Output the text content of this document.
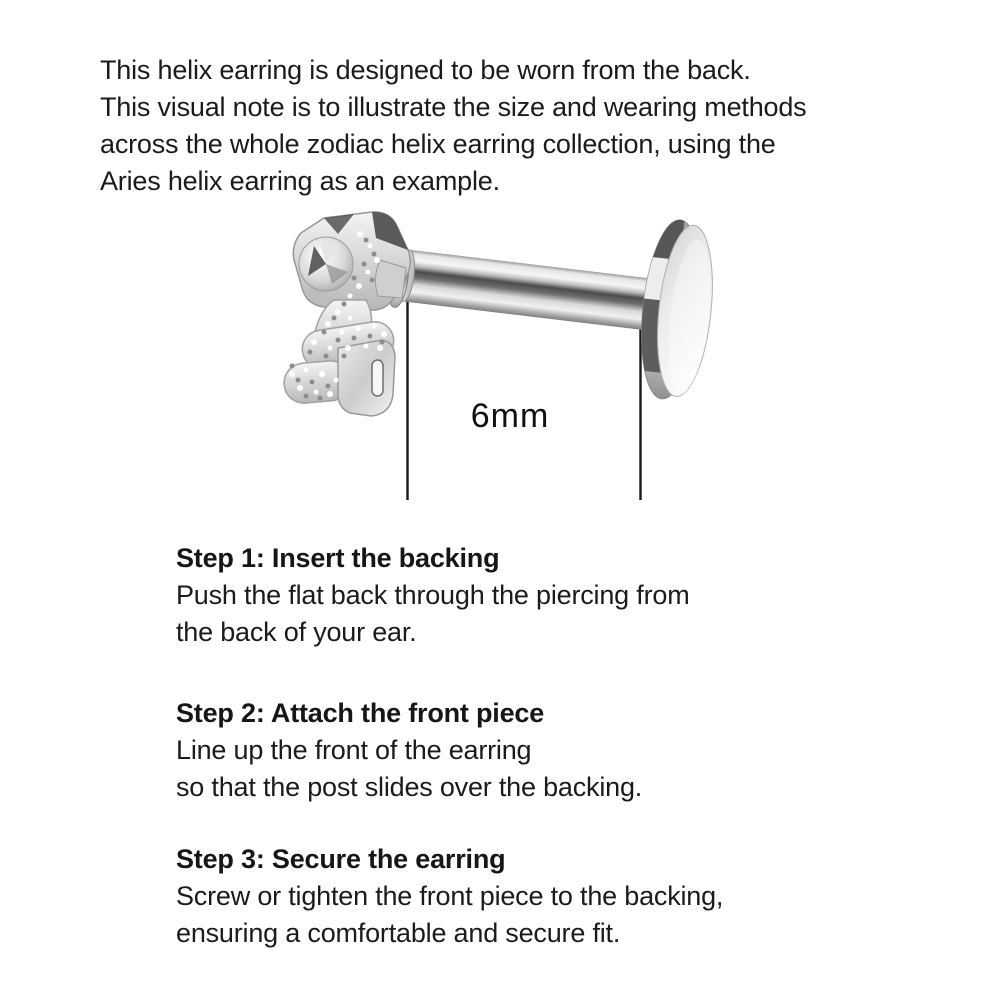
This helix earring is designed to be worn from the back.
This visual note is to illustrate the size and wearing methods
across the whole zodiac helix earring collection, using the
Aries helix earring as an example.
6mm
Step 1: Insert the backing
Push the flat back through the piercing from
the back of your ear.
Step 2: Attach the front piece
Line up the front of the earring
so that the post slides over the backing.
Step 3: Secure the earring
Screw or tighten the front piece to the backing,
ensuring a comfortable and secure fit.
